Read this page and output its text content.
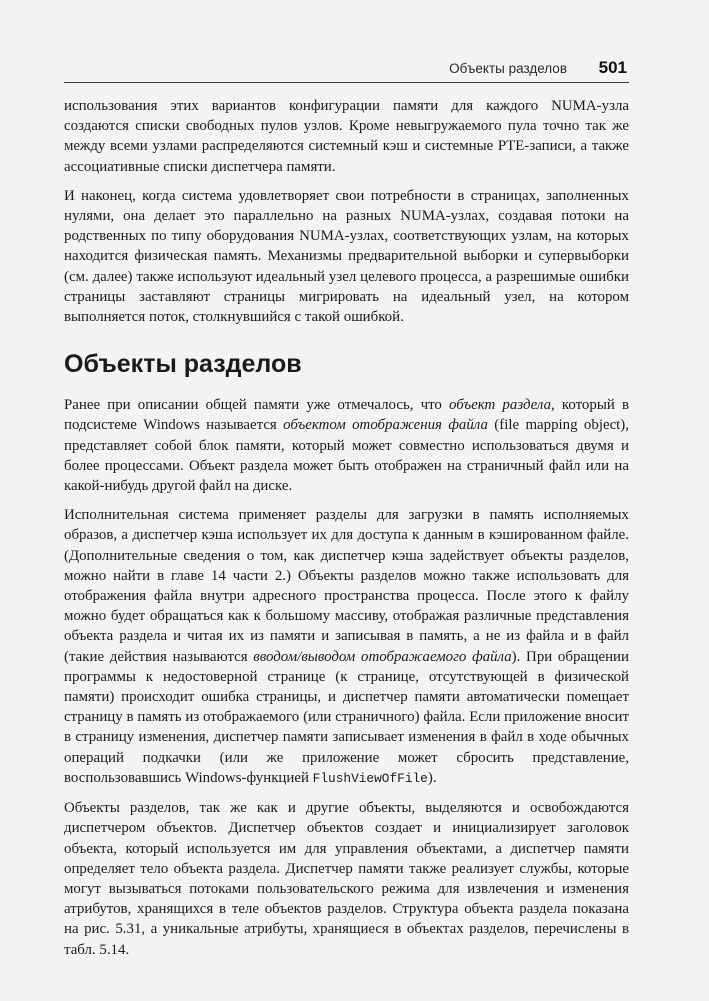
Объекты разделов 501

использования этих вариантов конфигурации памяти для каждого NUMA-узла создаются списки свободных пулов узлов. Кроме невыгружаемого пула точно так же между всеми узлами распределяются системный кэш и системные PTE-записи, а также ассоциативные списки диспетчера памяти.

И наконец, когда система удовлетворяет свои потребности в страницах, заполненных нулями, она делает это параллельно на разных NUMA-узлах, создавая потоки на родственных по типу оборудования NUMA-узлах, соответствующих узлам, на которых находится физическая память. Механизмы предварительной выборки и супервыборки (см. далее) также используют идеальный узел целевого процесса, а разрешимые ошибки страницы заставляют страницы мигрировать на идеальный узел, на котором выполняется поток, столкнувшийся с такой ошибкой.

Объекты разделов

Ранее при описании общей памяти уже отмечалось, что объект раздела, который в подсистеме Windows называется объектом отображения файла (file mapping object), представляет собой блок памяти, который может совместно использоваться двумя и более процессами. Объект раздела может быть отображен на страничный файл или на какой-нибудь другой файл на диске.

Исполнительная система применяет разделы для загрузки в память исполняемых образов, а диспетчер кэша использует их для доступа к данным в кэшированном файле. (Дополнительные сведения о том, как диспетчер кэша задействует объекты разделов, можно найти в главе 14 части 2.) Объекты разделов можно также использовать для отображения файла внутри адресного пространства процесса. После этого к файлу можно будет обращаться как к большому массиву, отображая различные представления объекта раздела и читая их из памяти и записывая в память, а не из файла и в файл (такие действия называются вводом/выводом отображаемого файла). При обращении программы к недостоверной странице (к странице, отсутствующей в физической памяти) происходит ошибка страницы, и диспетчер памяти автоматически помещает страницу в память из отображаемого (или страничного) файла. Если приложение вносит в страницу изменения, диспетчер памяти записывает изменения в файл в ходе обычных операций подкачки (или же приложение может сбросить представление, воспользовавшись Windows-функцией FlushViewOfFile).

Объекты разделов, так же как и другие объекты, выделяются и освобождаются диспетчером объектов. Диспетчер объектов создает и инициализирует заголовок объекта, который используется им для управления объектами, а диспетчер памяти определяет тело объекта раздела. Диспетчер памяти также реализует службы, которые могут вызываться потоками пользовательского режима для извлечения и изменения атрибутов, хранящихся в теле объектов разделов. Структура объекта раздела показана на рис. 5.31, а уникальные атрибуты, хранящиеся в объектах разделов, перечислены в табл. 5.14.
